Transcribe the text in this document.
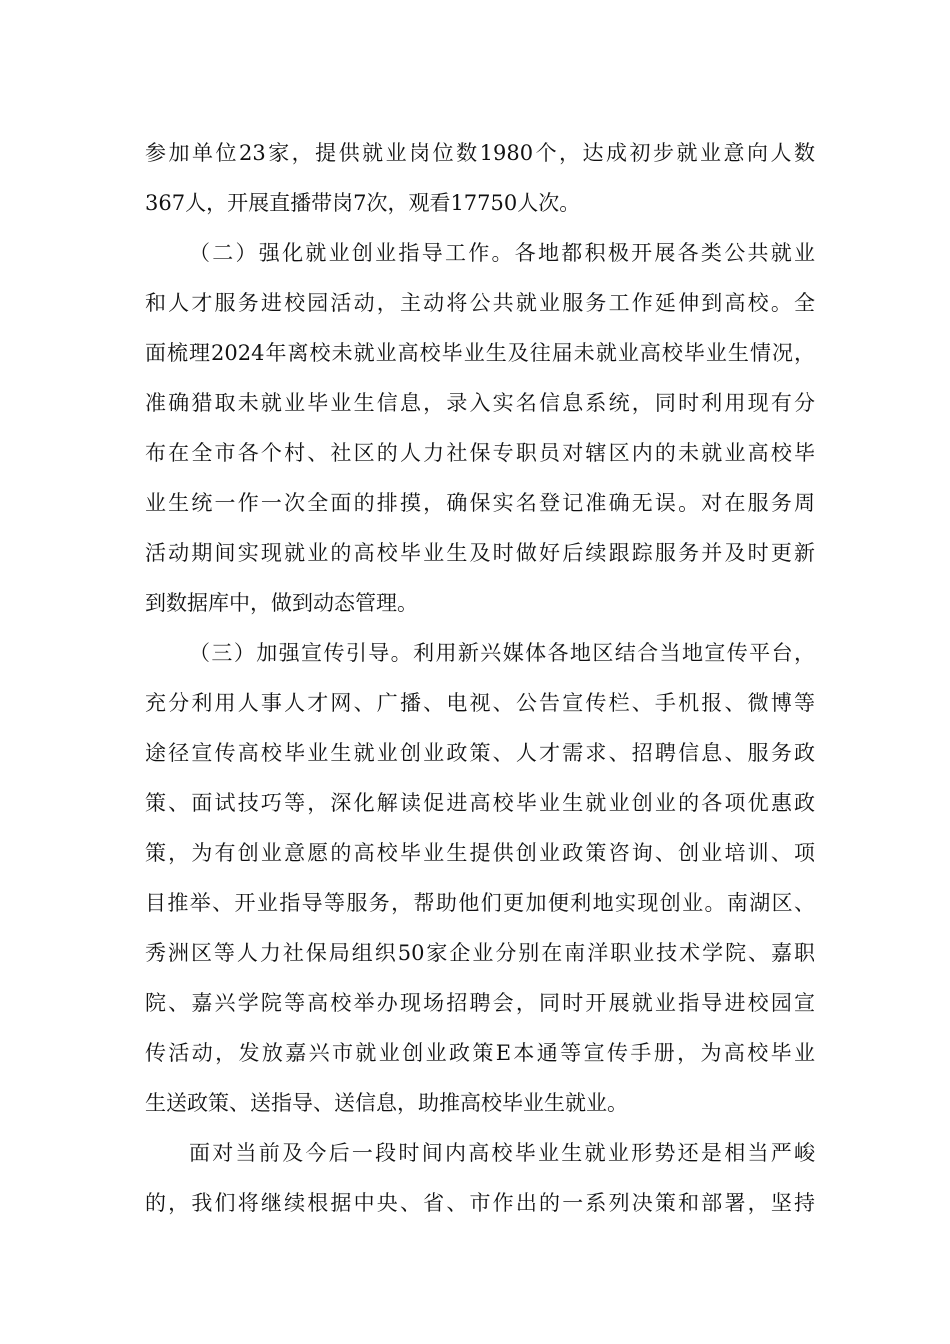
参加单位23家，提供就业岗位数1980个，达成初步就业意向人数
367人，开展直播带岗7次，观看17750人次。
（二）强化就业创业指导工作。各地都积极开展各类公共就业
和人才服务进校园活动，主动将公共就业服务工作延伸到高校。全
面梳理2024年离校未就业高校毕业生及往届未就业高校毕业生情况，
准确猎取未就业毕业生信息，录入实名信息系统，同时利用现有分
布在全市各个村、社区的人力社保专职员对辖区内的未就业高校毕
业生统一作一次全面的排摸，确保实名登记准确无误。对在服务周
活动期间实现就业的高校毕业生及时做好后续跟踪服务并及时更新
到数据库中，做到动态管理。
（三）加强宣传引导。利用新兴媒体各地区结合当地宣传平台，
充分利用人事人才网、广播、电视、公告宣传栏、手机报、微博等
途径宣传高校毕业生就业创业政策、人才需求、招聘信息、服务政
策、面试技巧等，深化解读促进高校毕业生就业创业的各项优惠政
策，为有创业意愿的高校毕业生提供创业政策咨询、创业培训、项
目推举、开业指导等服务，帮助他们更加便利地实现创业。南湖区、
秀洲区等人力社保局组织50家企业分别在南洋职业技术学院、嘉职
院、嘉兴学院等高校举办现场招聘会，同时开展就业指导进校园宣
传活动，发放嘉兴市就业创业政策E本通等宣传手册，为高校毕业
生送政策、送指导、送信息，助推高校毕业生就业。
面对当前及今后一段时间内高校毕业生就业形势还是相当严峻
的，我们将继续根据中央、省、市作出的一系列决策和部署，坚持
